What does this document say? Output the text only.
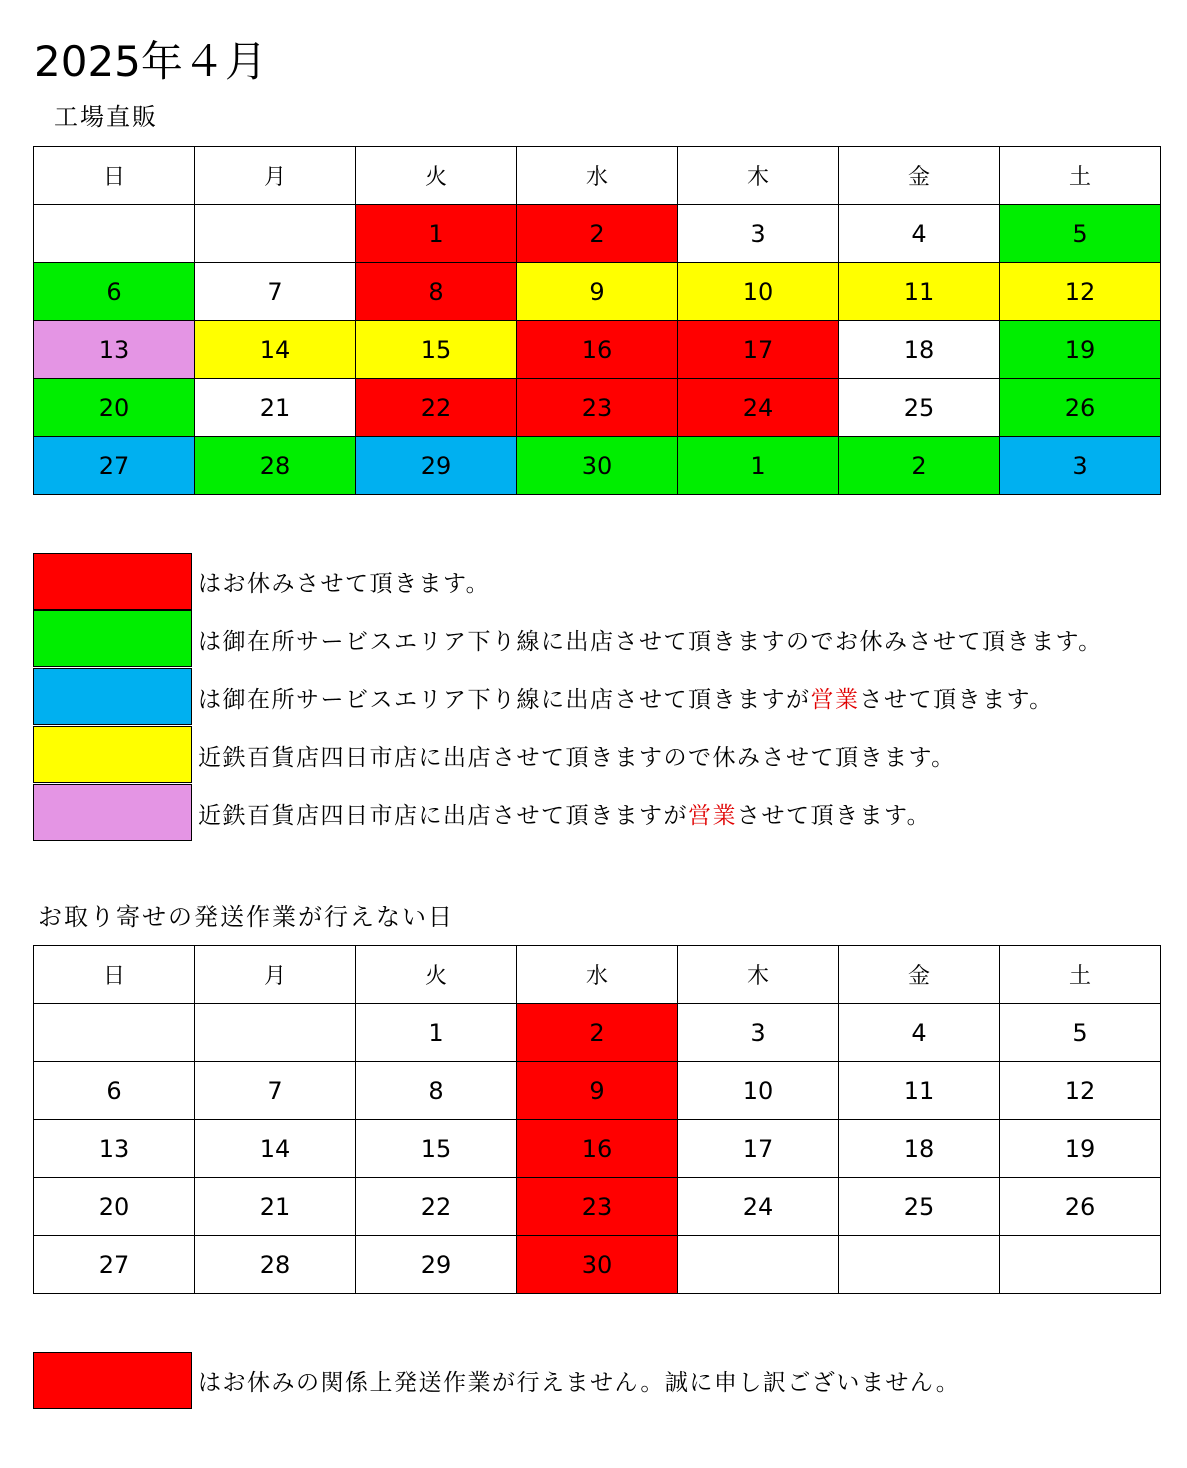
2025年４月
工場直販
日	月	火	水	木	金	土
		1	2	3	4	5
6	7	8	9	10	11	12
13	14	15	16	17	18	19
20	21	22	23	24	25	26
27	28	29	30	1	2	3
はお休みさせて頂きます。
は御在所サービスエリア下り線に出店させて頂きますのでお休みさせて頂きます。
は御在所サービスエリア下り線に出店させて頂きますが営業させて頂きます。
近鉄百貨店四日市店に出店させて頂きますので休みさせて頂きます。
近鉄百貨店四日市店に出店させて頂きますが営業させて頂きます。
お取り寄せの発送作業が行えない日
日	月	火	水	木	金	土
		1	2	3	4	5
6	7	8	9	10	11	12
13	14	15	16	17	18	19
20	21	22	23	24	25	26
27	28	29	30			
はお休みの関係上発送作業が行えません。誠に申し訳ございません。
